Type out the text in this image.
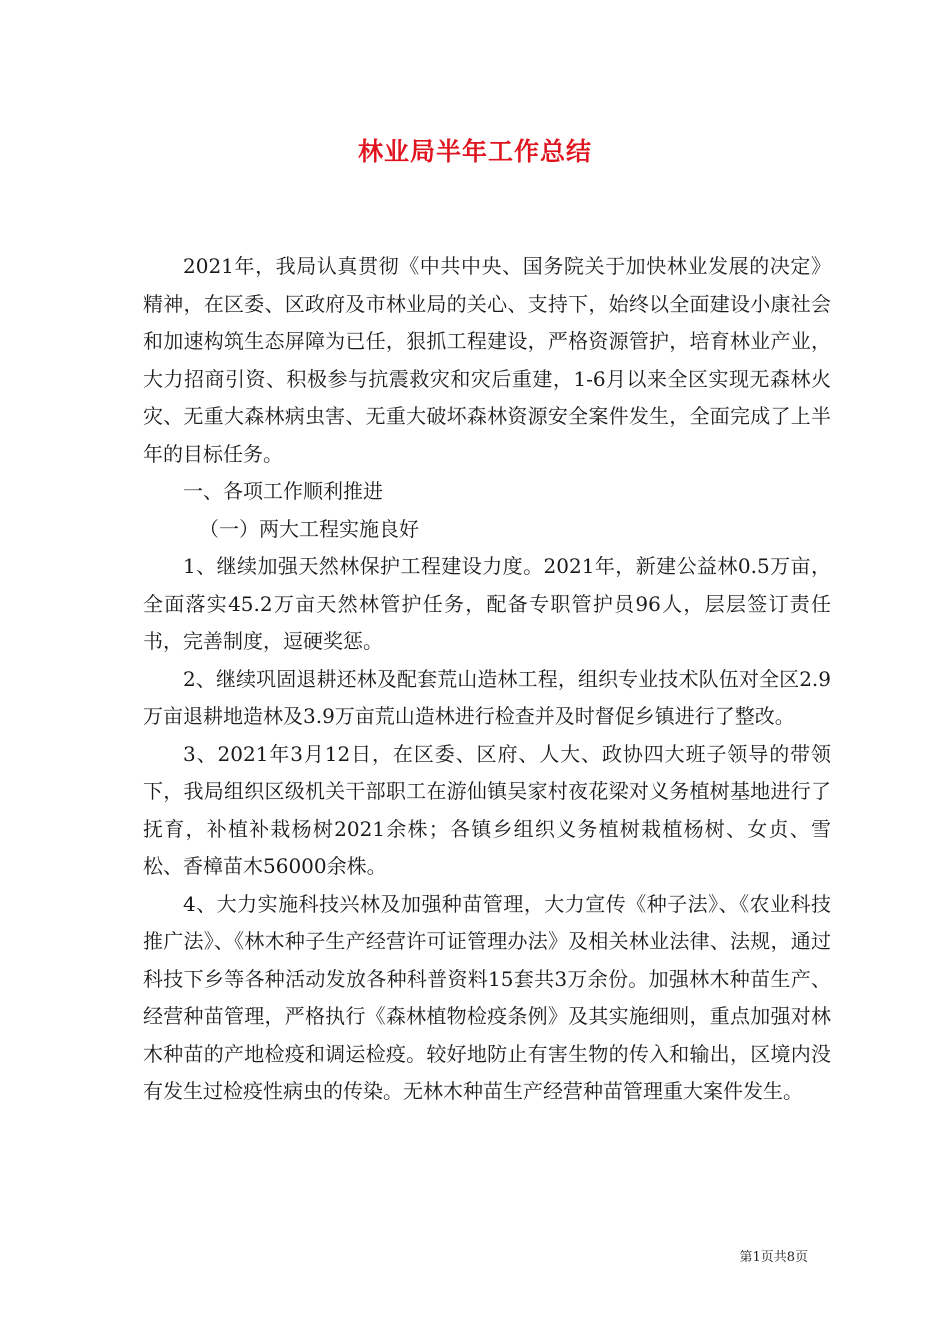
林业局半年工作总结

2021年，我局认真贯彻《中共中央、国务院关于加快林业发展的决定》精神，在区委、区政府及市林业局的关心、支持下，始终以全面建设小康社会和加速构筑生态屏障为已任，狠抓工程建设，严格资源管护，培育林业产业，大力招商引资、积极参与抗震救灾和灾后重建，1-6月以来全区实现无森林火灾、无重大森林病虫害、无重大破坏森林资源安全案件发生，全面完成了上半年的目标任务。

一、各项工作顺利推进

（一）两大工程实施良好

1、继续加强天然林保护工程建设力度。2021年，新建公益林0.5万亩，全面落实45.2万亩天然林管护任务，配备专职管护员96人，层层签订责任书，完善制度，逗硬奖惩。

2、继续巩固退耕还林及配套荒山造林工程，组织专业技术队伍对全区2.9万亩退耕地造林及3.9万亩荒山造林进行检查并及时督促乡镇进行了整改。

3、2021年3月12日，在区委、区府、人大、政协四大班子领导的带领下，我局组织区级机关干部职工在游仙镇吴家村夜花梁对义务植树基地进行了抚育，补植补栽杨树2021余株；各镇乡组织义务植树栽植杨树、女贞、雪松、香樟苗木56000余株。

4、大力实施科技兴林及加强种苗管理，大力宣传《种子法》、《农业科技推广法》、《林木种子生产经营许可证管理办法》及相关林业法律、法规，通过科技下乡等各种活动发放各种科普资料15套共3万余份。加强林木种苗生产、经营种苗管理，严格执行《森林植物检疫条例》及其实施细则，重点加强对林木种苗的产地检疫和调运检疫。较好地防止有害生物的传入和输出，区境内没有发生过检疫性病虫的传染。无林木种苗生产经营种苗管理重大案件发生。

第1页共8页
